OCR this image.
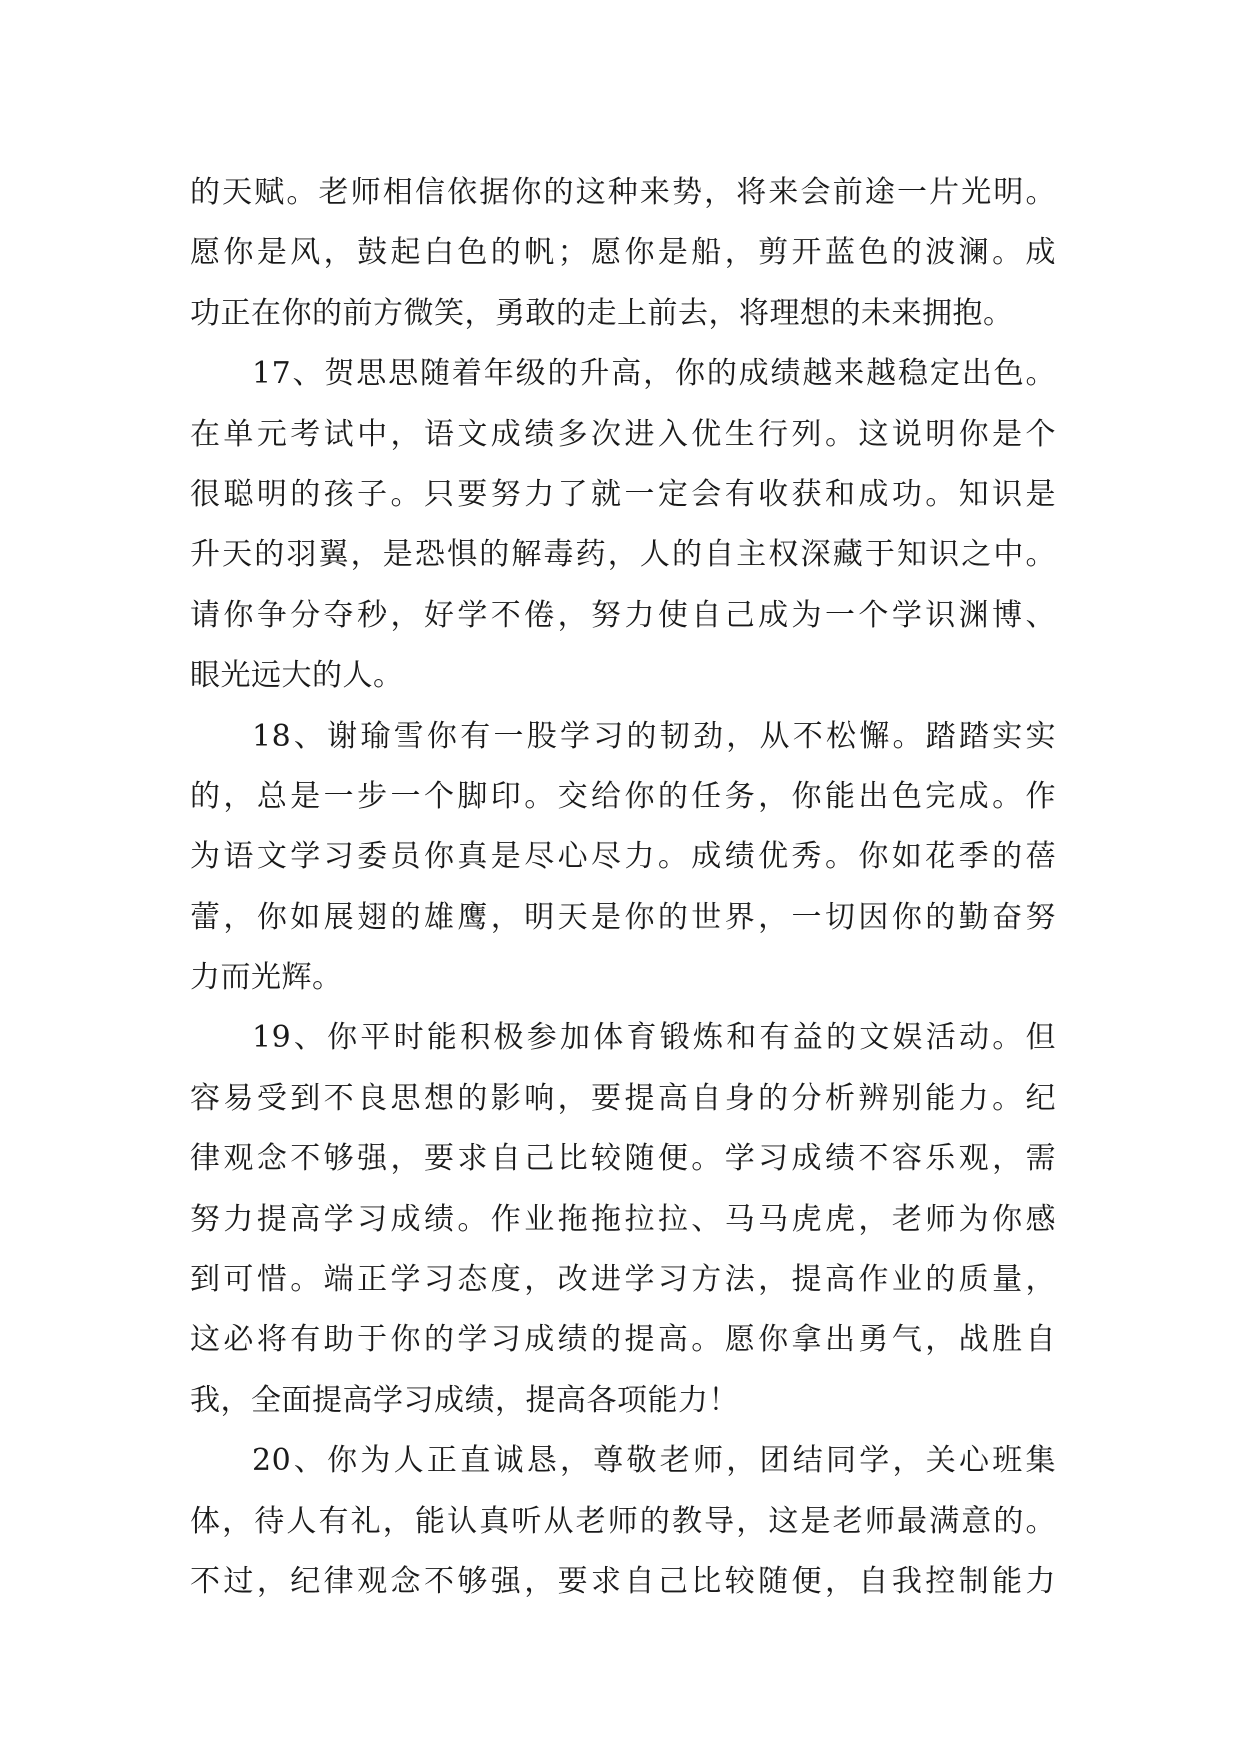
的天赋。老师相信依据你的这种来势，将来会前途一片光明。
愿你是风，鼓起白色的帆；愿你是船，剪开蓝色的波澜。成
功正在你的前方微笑，勇敢的走上前去，将理想的未来拥抱。
17、贺思思随着年级的升高，你的成绩越来越稳定出色。
在单元考试中，语文成绩多次进入优生行列。这说明你是个
很聪明的孩子。只要努力了就一定会有收获和成功。知识是
升天的羽翼，是恐惧的解毒药，人的自主权深藏于知识之中。
请你争分夺秒，好学不倦，努力使自己成为一个学识渊博、
眼光远大的人。
18、谢瑜雪你有一股学习的韧劲，从不松懈。踏踏实实
的，总是一步一个脚印。交给你的任务，你能出色完成。作
为语文学习委员你真是尽心尽力。成绩优秀。你如花季的蓓
蕾，你如展翅的雄鹰，明天是你的世界，一切因你的勤奋努
力而光辉。
19、你平时能积极参加体育锻炼和有益的文娱活动。但
容易受到不良思想的影响，要提高自身的分析辨别能力。纪
律观念不够强，要求自己比较随便。学习成绩不容乐观，需
努力提高学习成绩。作业拖拖拉拉、马马虎虎，老师为你感
到可惜。端正学习态度，改进学习方法，提高作业的质量，
这必将有助于你的学习成绩的提高。愿你拿出勇气，战胜自
我，全面提高学习成绩，提高各项能力！
20、你为人正直诚恳，尊敬老师，团结同学，关心班集
体，待人有礼，能认真听从老师的教导，这是老师最满意的。
不过，纪律观念不够强，要求自己比较随便，自我控制能力
